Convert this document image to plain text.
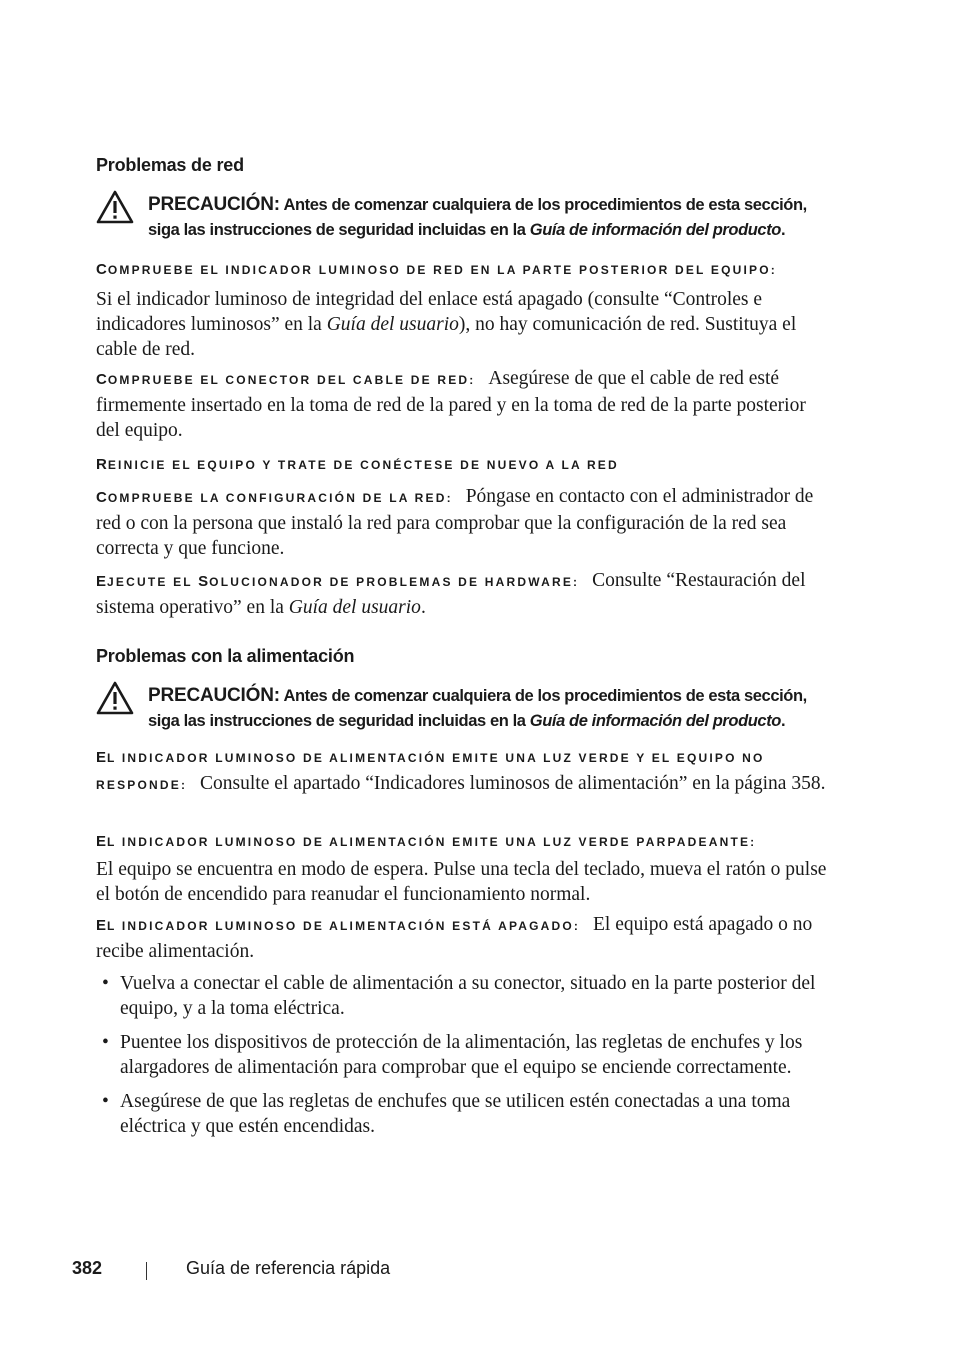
Problemas de red
PRECAUCIÓN: Antes de comenzar cualquiera de los procedimientos de esta sección, siga las instrucciones de seguridad incluidas en la Guía de información del producto.
COMPRUEBE EL INDICADOR LUMINOSO DE RED EN LA PARTE POSTERIOR DEL EQUIPO:
Si el indicador luminoso de integridad del enlace está apagado (consulte “Controles e indicadores luminosos” en la Guía del usuario), no hay comunicación de red. Sustituya el cable de red.
COMPRUEBE EL CONECTOR DEL CABLE DE RED: Asegúrese de que el cable de red esté firmemente insertado en la toma de red de la pared y en la toma de red de la parte posterior del equipo.
REINICIE EL EQUIPO Y TRATE DE CONÉCTESE DE NUEVO A LA RED
COMPRUEBE LA CONFIGURACIÓN DE LA RED: Póngase en contacto con el administrador de red o con la persona que instaló la red para comprobar que la configuración de la red sea correcta y que funcione.
EJECUTE EL SOLUCIONADOR DE PROBLEMAS DE HARDWARE: Consulte “Restauración del sistema operativo” en la Guía del usuario.
Problemas con la alimentación
PRECAUCIÓN: Antes de comenzar cualquiera de los procedimientos de esta sección, siga las instrucciones de seguridad incluidas en la Guía de información del producto.
EL INDICADOR LUMINOSO DE ALIMENTACIÓN EMITE UNA LUZ VERDE Y EL EQUIPO NO RESPONDE: Consulte el apartado “Indicadores luminosos de alimentación” en la página 358.
EL INDICADOR LUMINOSO DE ALIMENTACIÓN EMITE UNA LUZ VERDE PARPADEANTE:
El equipo se encuentra en modo de espera. Pulse una tecla del teclado, mueva el ratón o pulse el botón de encendido para reanudar el funcionamiento normal.
EL INDICADOR LUMINOSO DE ALIMENTACIÓN ESTÁ APAGADO: El equipo está apagado o no recibe alimentación.
• Vuelva a conectar el cable de alimentación a su conector, situado en la parte posterior del equipo, y a la toma eléctrica.
• Puentee los dispositivos de protección de la alimentación, las regletas de enchufes y los alargadores de alimentación para comprobar que el equipo se enciende correctamente.
• Asegúrese de que las regletas de enchufes que se utilicen estén conectadas a una toma eléctrica y que estén encendidas.
382	Guía de referencia rápida
